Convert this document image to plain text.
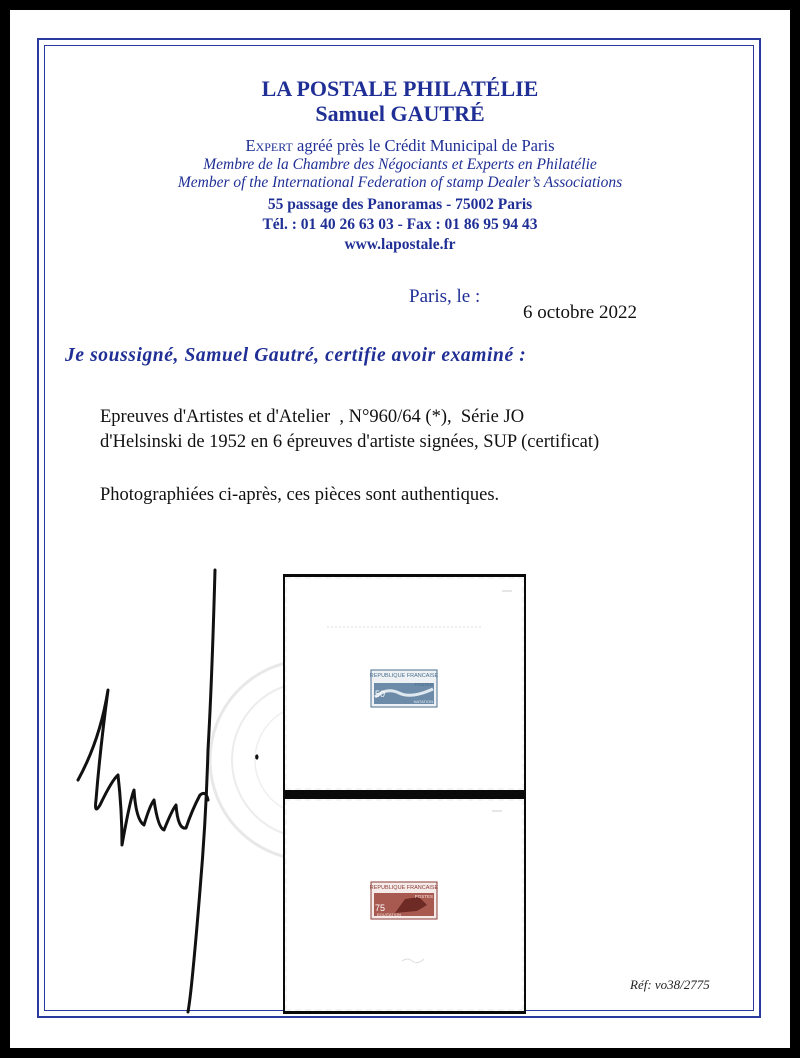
LA POSTALE PHILATÉLIE
Samuel GAUTRÉ
Expert agréé près le Crédit Municipal de Paris
Membre de la Chambre des Négociants et Experts en Philatélie
Member of the International Federation of stamp Dealer’s Associations
55 passage des Panoramas - 75002 Paris
Tél. : 01 40 26 63 03 - Fax : 01 86 95 94 43
www.lapostale.fr
Paris, le :
6 octobre 2022
Je soussigné, Samuel Gautré, certifie avoir examiné :
Epreuves d'Artistes et d'Atelier  , N°960/64 (*),  Série JO
d'Helsinski de 1952 en 6 épreuves d'artiste signées, SUP (certificat)
Photographiées ci-après, ces pièces sont authentiques.
REPUBLIQUE FRANCAISE
50
POSTES
NATATION
REPUBLIQUE FRANCAISE
75
POSTES
EQUITATION
Réf: vo38/2775
